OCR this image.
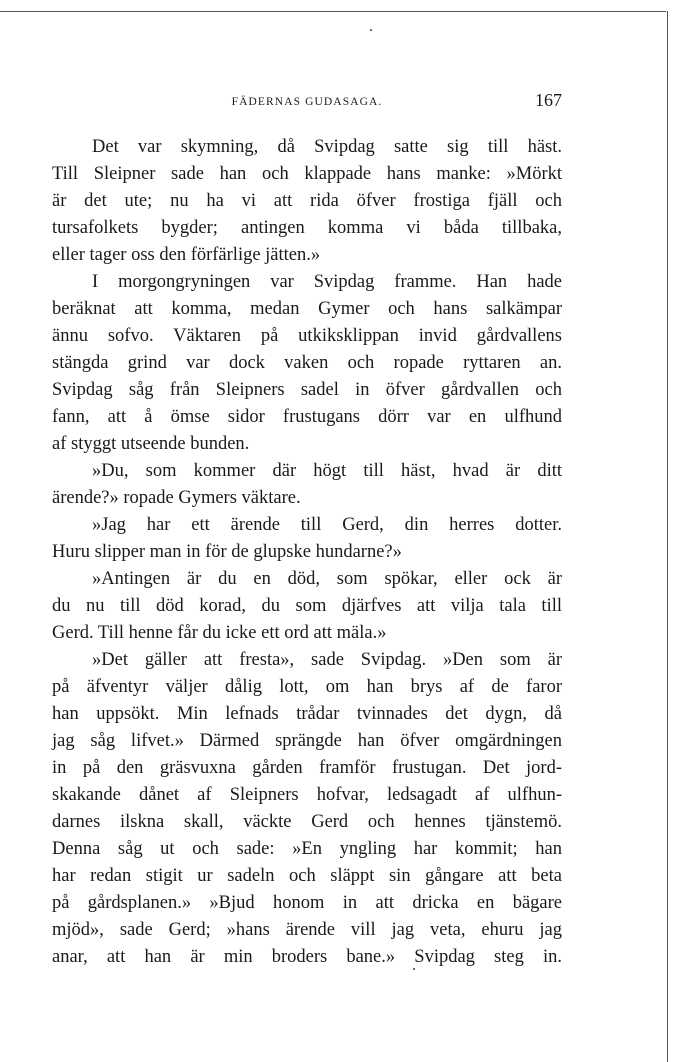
FÄDERNAS GUDASAGA.	167
Det var skymning, då Svipdag satte sig till häst.
Till Sleipner sade han och klappade hans manke: »Mörkt
är det ute; nu ha vi att rida öfver frostiga fjäll och
tursafolkets bygder; antingen komma vi båda tillbaka,
eller tager oss den förfärlige jätten.»
I morgongryningen var Svipdag framme. Han hade
beräknat att komma, medan Gymer och hans salkämpar
ännu sofvo. Väktaren på utkiksklippan invid gårdvallens
stängda grind var dock vaken och ropade ryttaren an.
Svipdag såg från Sleipners sadel in öfver gårdvallen och
fann, att å ömse sidor frustugans dörr var en ulfhund
af styggt utseende bunden.
»Du, som kommer där högt till häst, hvad är ditt
ärende?» ropade Gymers väktare.
»Jag har ett ärende till Gerd, din herres dotter.
Huru slipper man in för de glupske hundarne?»
»Antingen är du en död, som spökar, eller ock är
du nu till död korad, du som djärfves att vilja tala till
Gerd. Till henne får du icke ett ord att mäla.»
»Det gäller att fresta», sade Svipdag. »Den som är
på äfventyr väljer dålig lott, om han brys af de faror
han uppsökt. Min lefnads trådar tvinnades det dygn, då
jag såg lifvet.» Därmed sprängde han öfver omgärdningen
in på den gräsvuxna gården framför frustugan. Det jord-
skakande dånet af Sleipners hofvar, ledsagadt af ulfhun-
darnes ilskna skall, väckte Gerd och hennes tjänstemö.
Denna såg ut och sade: »En yngling har kommit; han
har redan stigit ur sadeln och släppt sin gångare att beta
på gårdsplanen.» »Bjud honom in att dricka en bägare
mjöd», sade Gerd; »hans ärende vill jag veta, ehuru jag
anar, att han är min broders bane.» Svipdag steg in.
